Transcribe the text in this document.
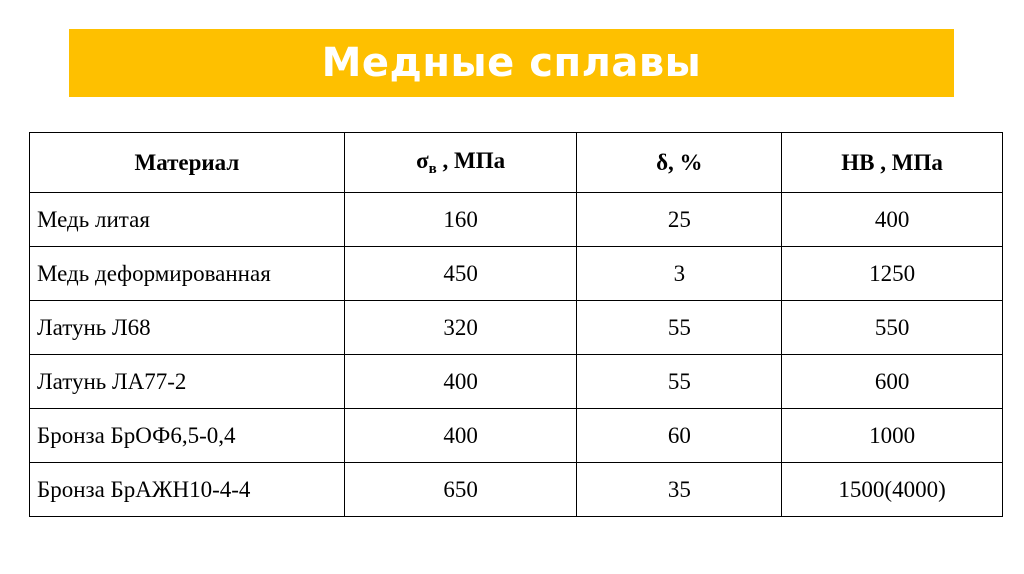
Медные сплавы
Материал	$\sigma_в$ , МПа	δ, %	HB , МПа
Медь литая	160	25	400
Медь деформированная	450	3	1250
Латунь Л68	320	55	550
Латунь ЛА77-2	400	55	600
Бронза БрОФ6,5-0,4	400	60	1000
Бронза БрАЖН10-4-4	650	35	1500(4000)
